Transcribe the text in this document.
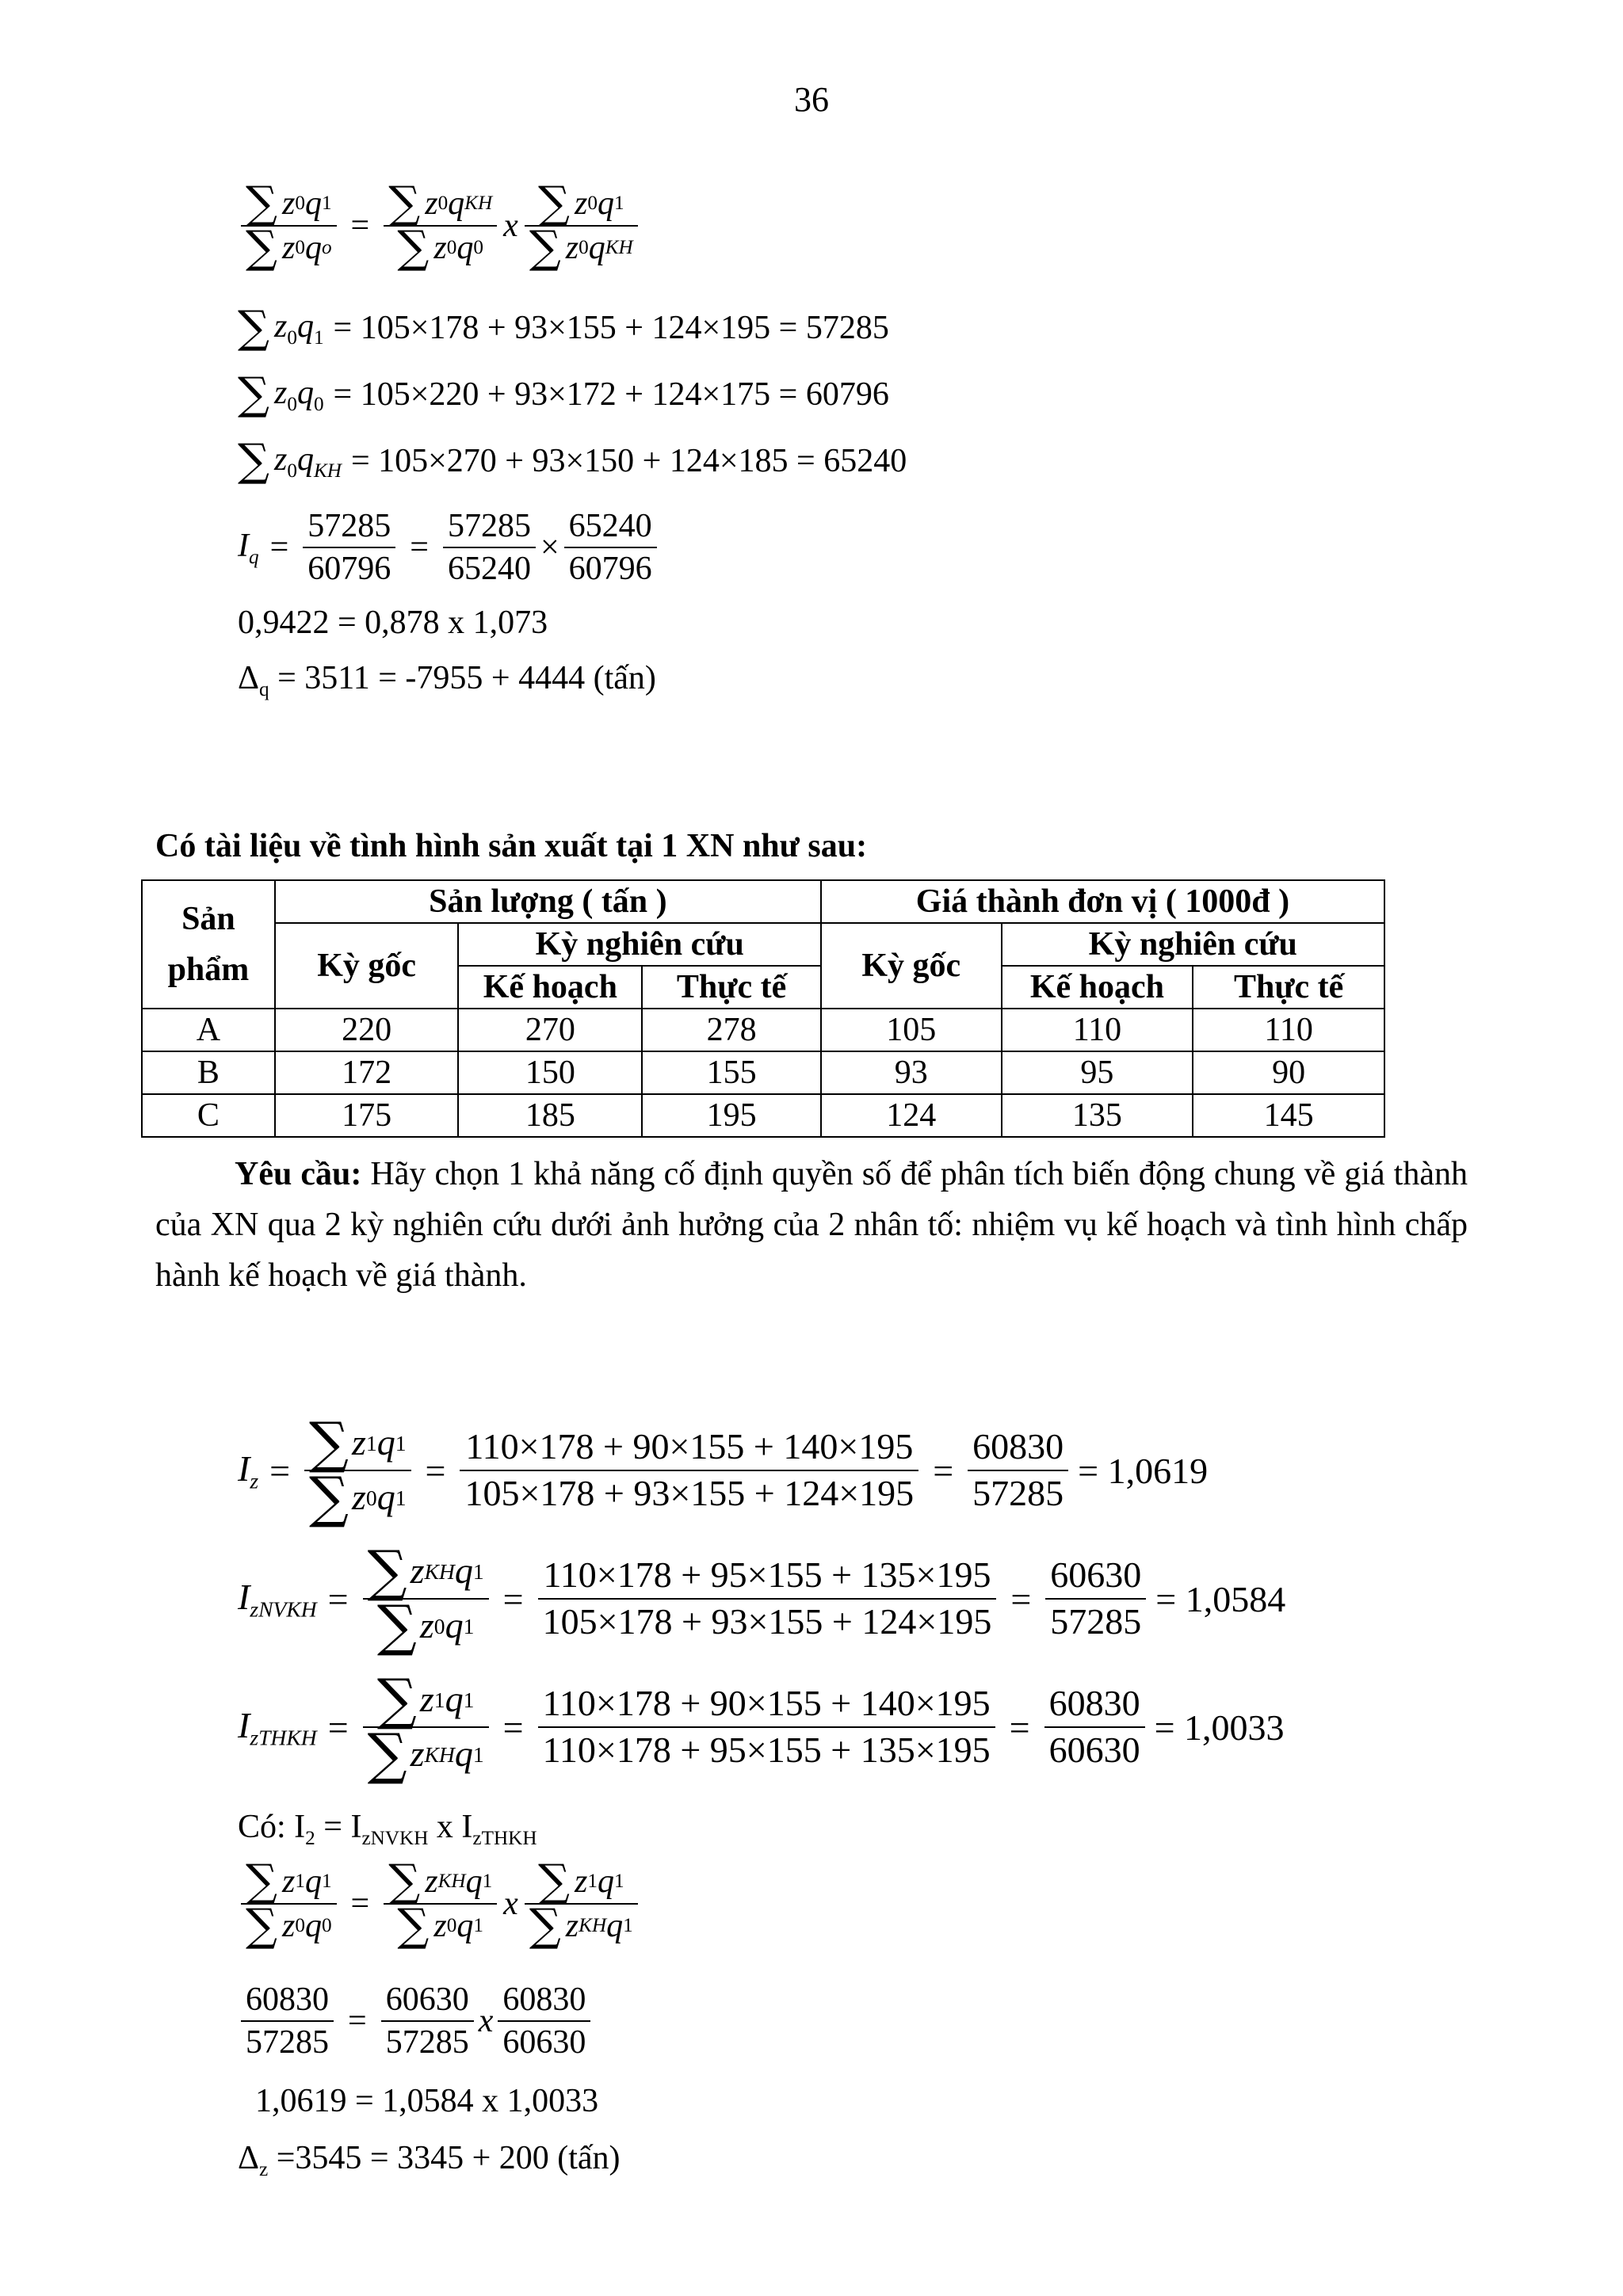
36
$\frac{\sum z 0 q 1}{\text{∑ z 0 q o}} = \frac{\text{∑ z 0 q KH}}{\sum z 0 q 0}$ x $\frac{\sum z 0 q 1}{\text{∑ z 0 q KH}}$
∑ $z_0q_1 = 105\times 178 + 93\times 155 + 124\times 195 = 57285$
∑ $z_0q_0 = 105\times 220 + 93\times 172 + 124\times 175 = 60796$
∑ $z_0q_{KH} = 105\times 270 + 93\times 150 + 124\times 185 = 65240$
$I_q = \frac{57285}{60796} = \frac{57285}{65240} \times \frac{65240}{60796}$
0,9422 = 0,878 x 1,073
$\Delta_q = 3511 = -7955 + 4444$ (tấn)
Có tài liệu về tình hình sản xuất tại 1 XN như sau:
Sản phẩm	Sản lượng ( tấn )			Giá thành đơn vị ( 1000đ )		
	Kỳ gốc	Kỳ nghiên cứu		Kỳ gốc	Kỳ nghiên cứu	
		Kế hoạch	Thực tế		Kế hoạch	Thực tế
A	220	270	278	105	110	110
B	172	150	155	93	95	90
C	175	185	195	124	135	145
Yêu cầu: Hãy chọn 1 khả năng cố định quyền số để phân tích biến động chung về giá thành của XN qua 2 kỳ nghiên cứu dưới ảnh hưởng của 2 nhân tố: nhiệm vụ kế hoạch và tình hình chấp hành kế hoạch về giá thành.
$I_z = \frac{\sum z 1 q 1}{\sum z 0 q 1} = \frac{110\times 178 + 90\times 155 + 140\times 195}{105\times 178 + 93\times 155 + 124\times 195} = \frac{60830}{57285} = 1,0619$
$I_{zNVKH} = \frac{\text{∑ z KH q 1}}{\sum z 0 q 1} = \frac{110\times 178 + 95\times 155 + 135\times 195}{105\times 178 + 93\times 155 + 124\times 195} = \frac{60630}{57285} = 1,0584$
$I_{zTHKH} = \frac{\sum z 1 q 1}{\text{∑ z KH q 1}} = \frac{110\times 178 + 90\times 155 + 140\times 195}{110\times 178 + 95\times 155 + 135\times 195} = \frac{60830}{60630} = 1,0033$
Có: $I_2 = I_{zNVKH}$ x $I_{zTHKH}$
$\frac{\sum z 1 q 1}{\sum z 0 q 0} = \frac{\text{∑ z KH q 1}}{\sum z 0 q 1}$ x $\frac{\sum z 1 q 1}{\text{∑ z KH q 1}}$
$\frac{60830}{57285} = \frac{60630}{57285}$ x $\frac{60830}{60630}$
1,0619 = 1,0584 x 1,0033
$\Delta_z =3545 = 3345 + 200$ (tấn)
